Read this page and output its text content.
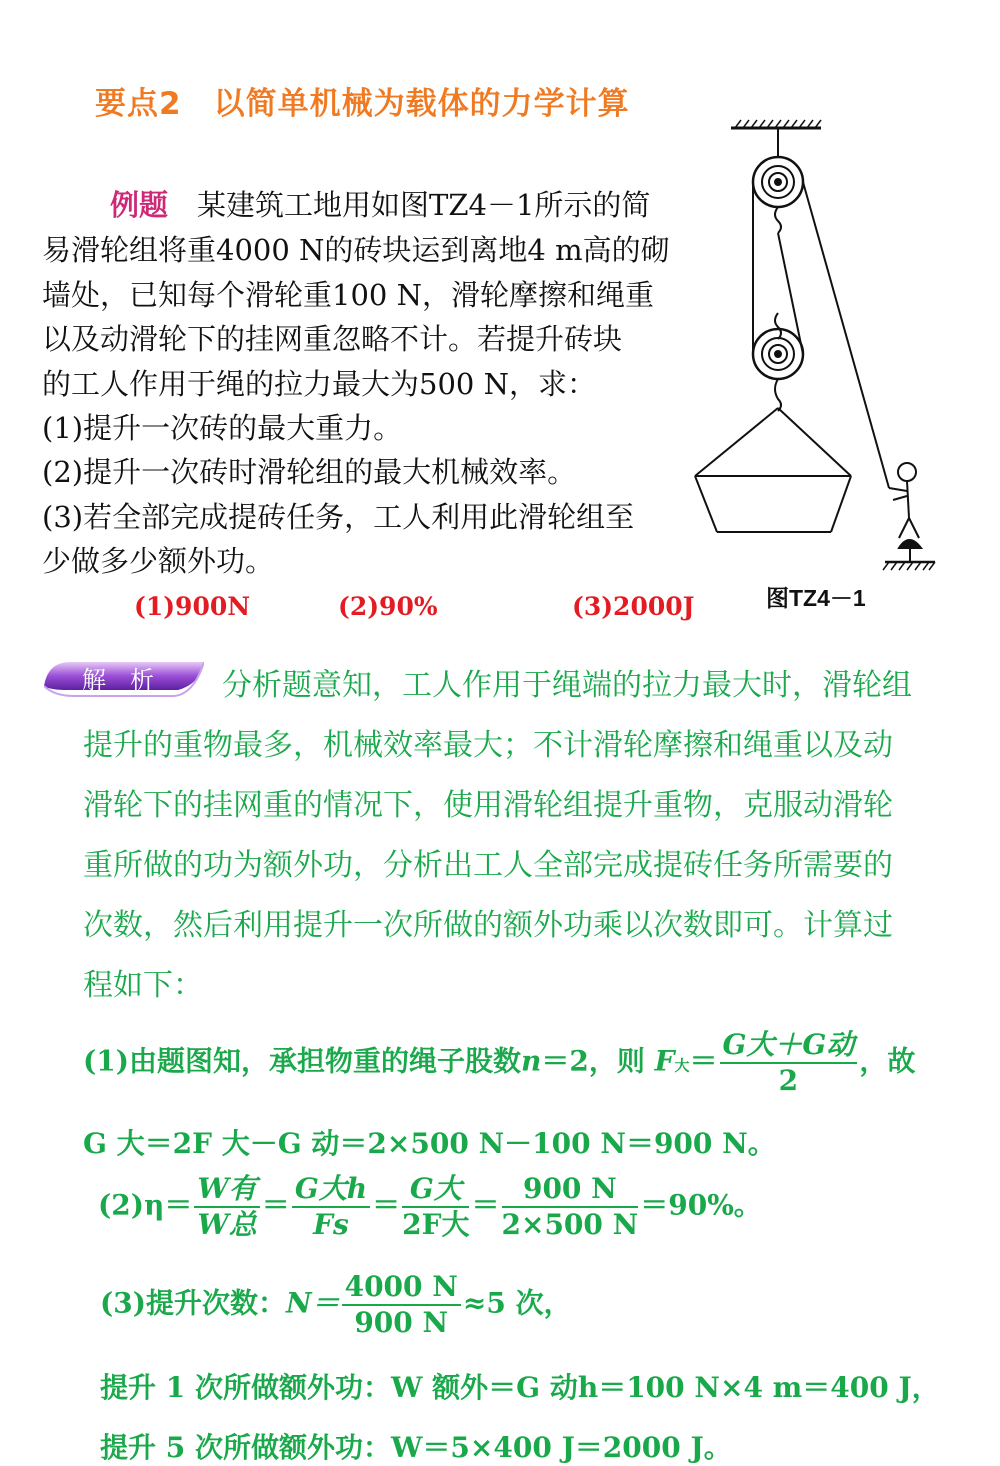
要点2　以简单机械为载体的力学计算
例题　某建筑工地用如图TZ4－1所示的简
易滑轮组将重4000 N的砖块运到离地4 m高的砌
墙处，已知每个滑轮重100 N，滑轮摩擦和绳重
以及动滑轮下的挂网重忽略不计。若提升砖块
的工人作用于绳的拉力最大为500 N，求：
(1)提升一次砖的最大重力。
(2)提升一次砖时滑轮组的最大机械效率。
(3)若全部完成提砖任务，工人利用此滑轮组至
少做多少额外功。
(1)900N	(2)90%	(3)2000J	图TZ4－1
解　析 分析题意知，工人作用于绳端的拉力最大时，滑轮组
提升的重物最多，机械效率最大；不计滑轮摩擦和绳重以及动
滑轮下的挂网重的情况下，使用滑轮组提升重物，克服动滑轮
重所做的功为额外功，分析出工人全部完成提砖任务所需要的
次数，然后利用提升一次所做的额外功乘以次数即可。计算过
程如下：
(1)由题图知，承担物重的绳子股数n＝2，则 F大＝ $\frac{\text{G大＋G动}}{2}$ ，故
G 大＝2F 大－G 动＝2×500 N－100 N＝900 N。
$(2)\eta= \frac{\text{W有}}{\text{W总}} = \frac{\text{G大h}}{Fs} = \frac{\text{G大}}{\text{2F大}} = \frac{900 N}{2\times 500 N} =90\%$。
(3)提升次数：$N= \frac{4000 N}{900 N} \approx 5$ 次，
提升 1 次所做额外功：W 额外＝G 动h＝100 N×4 m＝400 J，
提升 5 次所做额外功：W＝5×400 J＝2000 J。
